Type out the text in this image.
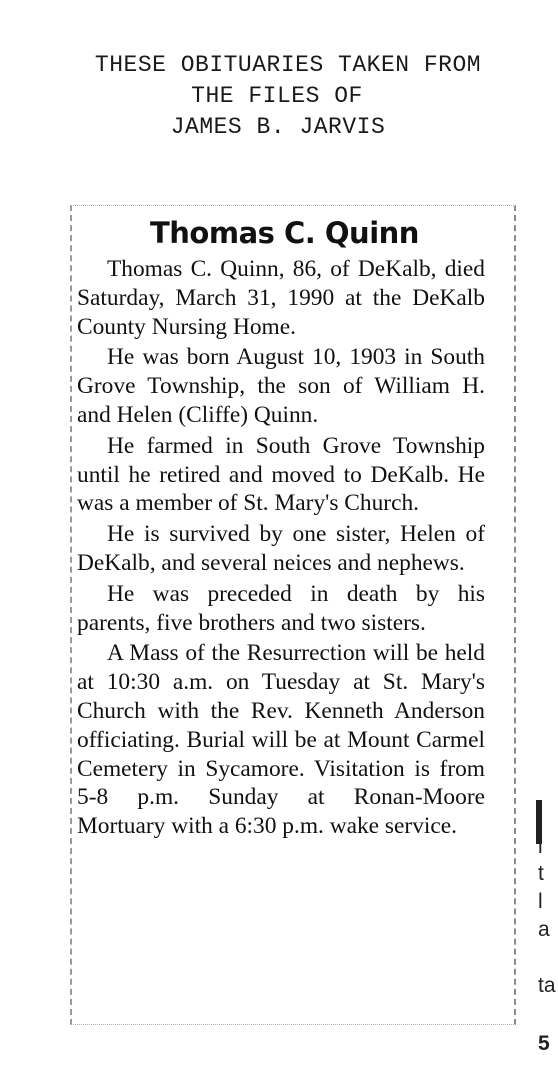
THESE OBITUARIES TAKEN FROM
THE FILES OF
JAMES B. JARVIS
Thomas C. Quinn

Thomas C. Quinn, 86, of DeKalb, died Saturday, March 31, 1990 at the DeKalb County Nursing Home.

He was born August 10, 1903 in South Grove Township, the son of William H. and Helen (Cliffe) Quinn.

He farmed in South Grove Township until he retired and moved to DeKalb. He was a member of St. Mary's Church.

He is survived by one sister, Helen of DeKalb, and several neices and nephews.

He was preceded in death by his parents, five brothers and two sisters.

A Mass of the Resurrection will be held at 10:30 a.m. on Tuesday at St. Mary's Church with the Rev. Kenneth Anderson officiating. Burial will be at Mount Carmel Cemetery in Sycamore. Visitation is from 5-8 p.m. Sunday at Ronan-Moore Mortuary with a 6:30 p.m. wake service.

i
t
l
a
ta
5
